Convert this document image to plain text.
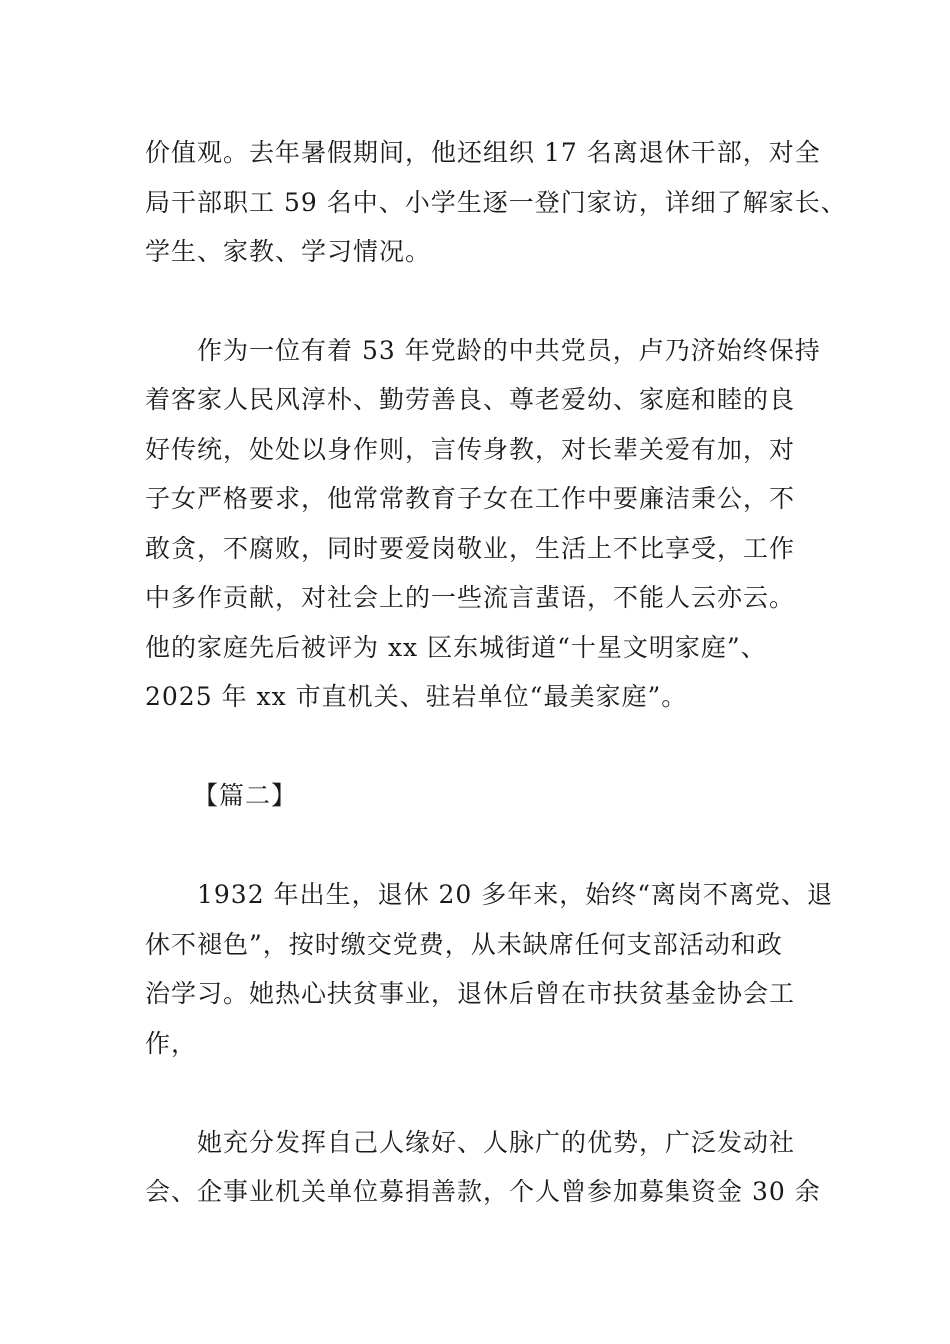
价值观。去年暑假期间，他还组织 17 名离退休干部，对全
局干部职工 59 名中、小学生逐一登门家访，详细了解家长、
学生、家教、学习情况。
作为一位有着 53 年党龄的中共党员，卢乃济始终保持
着客家人民风淳朴、勤劳善良、尊老爱幼、家庭和睦的良
好传统，处处以身作则，言传身教，对长辈关爱有加，对
子女严格要求，他常常教育子女在工作中要廉洁秉公，不
敢贪，不腐败，同时要爱岗敬业，生活上不比享受，工作
中多作贡献，对社会上的一些流言蜚语，不能人云亦云。
他的家庭先后被评为 xx 区东城街道“十星文明家庭”、
2025 年 xx 市直机关、驻岩单位“最美家庭”。
【篇二】
1932 年出生，退休 20 多年来，始终“离岗不离党、退
休不褪色”，按时缴交党费，从未缺席任何支部活动和政
治学习。她热心扶贫事业，退休后曾在市扶贫基金协会工
作，
她充分发挥自己人缘好、人脉广的优势，广泛发动社
会、企事业机关单位募捐善款，个人曾参加募集资金 30 余
